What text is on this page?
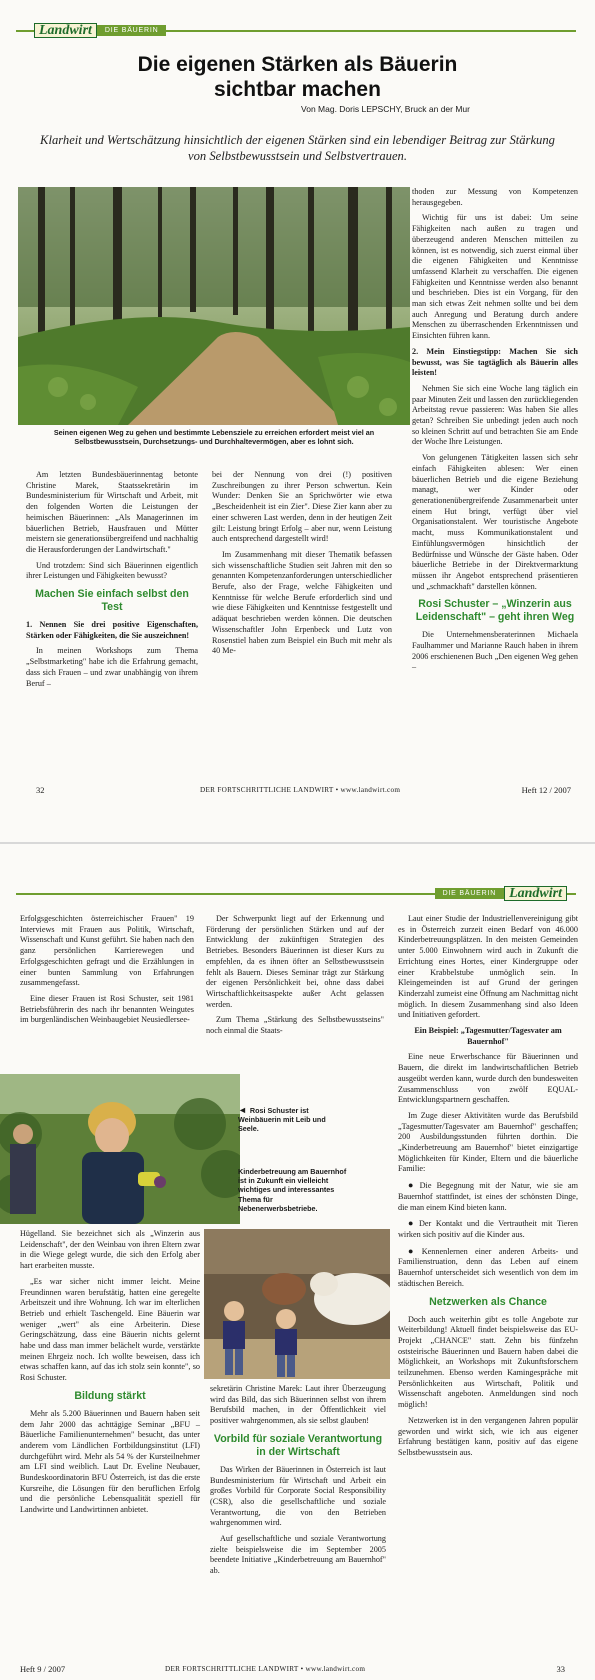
Landwirt	DIE BÄUERIN
Die eigenen Stärken als Bäuerin
sichtbar machen
Von Mag. Doris LEPSCHY, Bruck an der Mur
Klarheit und Wertschätzung hinsichtlich der eigenen Stärken sind ein lebendiger Beitrag zur Stärkung von Selbstbewusstsein und Selbstvertrauen.
Seinen eigenen Weg zu gehen und bestimmte Lebensziele zu erreichen erfordert meist viel an Selbstbewusstsein, Durchsetzungs- und Durchhaltevermögen, aber es lohnt sich.

Am letzten Bundesbäuerinnentag betonte Christine Marek, Staatssekretärin im Bundesministerium für Wirtschaft und Arbeit, mit den folgenden Worten die Leistungen der heimischen Bäuerinnen: „Als Managerinnen im bäuerlichen Betrieb, Hausfrauen und Mütter meistern sie generationsübergreifend und nachhaltig die Herausforderungen der Landwirtschaft."

Und trotzdem: Sind sich Bäuerinnen eigentlich ihrer Leistungen und Fähigkeiten bewusst?

Machen Sie einfach selbst den Test

1. Nennen Sie drei positive Eigenschaften, Stärken oder Fähigkeiten, die Sie auszeichnen!

In meinen Workshops zum Thema „Selbstmarketing" habe ich die Erfahrung gemacht, dass sich Frauen – und zwar unabhängig von ihrem Beruf –

bei der Nennung von drei (!) positiven Zuschreibungen zu ihrer Person schwertun. Kein Wunder: Denken Sie an Sprichwörter wie etwa „Bescheidenheit ist ein Zier". Diese Zier kann aber zu einer schweren Last werden, denn in der heutigen Zeit gilt: Leistung bringt Erfolg – aber nur, wenn Leistung auch entsprechend dargestellt wird!

Im Zusammenhang mit dieser Thematik befassen sich wissenschaftliche Studien seit Jahren mit den so genannten Kompetenzanforderungen unterschiedlicher Berufe, also der Frage, welche Fähigkeiten und Kenntnisse für welche Berufe erforderlich sind und wie diese Fähigkeiten und Kenntnisse festgestellt und adäquat beschrieben werden können. Die deutschen Wissenschaftler John Erpenbeck und Lutz von Rosenstiel haben zum Beispiel ein Buch mit mehr als 40 Me-

thoden zur Messung von Kompetenzen herausgegeben.

Wichtig für uns ist dabei: Um seine Fähigkeiten nach außen zu tragen und überzeugend anderen Menschen mitteilen zu können, ist es notwendig, sich zuerst einmal über die eigenen Fähigkeiten und Kenntnisse umfassend Klarheit zu verschaffen. Die eigenen Fähigkeiten und Kenntnisse werden also benannt und beschrieben. Dies ist ein Vorgang, für den man sich etwas Zeit nehmen sollte und bei dem auch Anregung und Beratung durch andere Menschen zu überraschenden Erkenntnissen und Einsichten führen kann.

2. Mein Einstiegstipp: Machen Sie sich bewusst, was Sie tagtäglich als Bäuerin alles leisten!

Nehmen Sie sich eine Woche lang täglich ein paar Minuten Zeit und lassen den zurückliegenden Arbeitstag revue passieren: Was haben Sie alles getan? Schreiben Sie unbedingt jeden auch noch so kleinen Schritt auf und betrachten Sie am Ende der Woche Ihre Leistungen.

Von gelungenen Tätigkeiten lassen sich sehr einfach Fähigkeiten ablesen: Wer einen bäuerlichen Betrieb und die eigene Beziehung managt, wer Kinder oder generationenübergreifende Zusammenarbeit unter einem Hut bringt, verfügt über viel Organisationstalent. Wer touristische Angebote macht, muss Kommunikationstalent und Einfühlungsvermögen hinsichtlich der Bedürfnisse und Wünsche der Gäste haben. Oder bäuerliche Betriebe in der Direktvermarktung müssen ihr Angebot entsprechend präsentieren und „schmackhaft" darstellen können.

Rosi Schuster – „Winzerin aus Leidenschaft" – geht ihren Weg

Die Unternehmensberaterinnen Michaela Faulhammer und Marianne Rauch haben in ihrem 2006 erschienenen Buch „Den eigenen Weg gehen –

32	DER FORTSCHRITTLICHE LANDWIRT • www.landwirt.com	Heft 12 / 2007
DIE BÄUERIN Landwirt

Erfolgsgeschichten österreichischer Frauen" 19 Interviews mit Frauen aus Politik, Wirtschaft, Wissenschaft und Kunst geführt. Sie haben nach den ganz persönlichen Karrierewegen und Erfolgsgeschichten gefragt und die Erzählungen in einer bunten Sammlung von Erfahrungen zusammengefasst.

Eine dieser Frauen ist Rosi Schuster, seit 1981 Betriebsführerin des nach ihr benannten Weingutes im burgenländischen Weinbaugebiet Neusiedlersee-

Der Schwerpunkt liegt auf der Erkennung und Förderung der persönlichen Stärken und auf der Entwicklung der zukünftigen Strategien des Betriebes. Besonders Bäuerinnen ist dieser Kurs zu empfehlen, da es ihnen öfter an Selbstbewusstsein fehlt als Bauern. Dieses Seminar trägt zur Stärkung der eigenen Persönlichkeit bei, ohne dass dabei Wirtschaftlichkeitsaspekte außer Acht gelassen werden.

Zum Thema „Stärkung des Selbstbewusstseins" noch einmal die Staats-

◄ Rosi Schuster ist Weinbäuerin mit Leib und Seele.
Kinderbetreuung am Bauernhof ist in Zukunft ein vielleicht wichtiges und interessantes Thema für Nebenerwerbsbetriebe.

Hügelland. Sie bezeichnet sich als „Winzerin aus Leidenschaft", der den Weinbau von ihren Eltern zwar in die Wiege gelegt wurde, die sich den Erfolg aber hart erarbeiten musste.

„Es war sicher nicht immer leicht. Meine Freundinnen waren berufstätig, hatten eine geregelte Arbeitszeit und ihre Wohnung. Ich war im elterlichen Betrieb und erhielt Taschengeld. Eine Bäuerin war weniger „wert" als eine Arbeiterin. Diese Geringschätzung, dass eine Bäuerin nichts gelernt habe und dass man immer belächelt wurde, verstärkte meinen Ehrgeiz noch. Ich wollte beweisen, dass ich etwas schaffen kann, auf das ich stolz sein konnte", so Rosi Schuster.

Bildung stärkt

Mehr als 5.200 Bäuerinnen und Bauern haben seit dem Jahr 2000 das achttägige Seminar „BFU – Bäuerliche Familienunternehmen" besucht, das unter anderem vom Ländlichen Fortbildungsinstitut (LFI) durchgeführt wird. Mehr als 54 % der Kursteilnehmer am LFI sind weiblich. Laut Dr. Eveline Neubauer, Bundeskoordinatorin BFU Österreich, ist das die erste Kursreihe, die Lösungen für den beruflichen Erfolg und die persönliche Lebensqualität speziell für Landwirte und Landwirtinnen anbietet.

sekretärin Christine Marek: Laut ihrer Überzeugung wird das Bild, das sich Bäuerinnen selbst von ihrem Berufsbild machen, in der Öffentlichkeit viel positiver wahrgenommen, als sie selbst glauben!

Vorbild für soziale Verantwortung in der Wirtschaft

Das Wirken der Bäuerinnen in Österreich ist laut Bundesministerium für Wirtschaft und Arbeit ein großes Vorbild für Corporate Social Responsibility (CSR), also die gesellschaftliche und soziale Verantwortung, die von den Betrieben wahrgenommen wird.

Auf gesellschaftliche und soziale Verantwortung zielte beispielsweise die im September 2005 beendete Initiative „Kinderbetreuung am Bauernhof" ab.

Laut einer Studie der Industriellenvereinigung gibt es in Österreich zurzeit einen Bedarf von 46.000 Kinderbetreuungsplätzen. In den meisten Gemeinden unter 5.000 Einwohnern wird auch in Zukunft die Errichtung eines Hortes, einer Kindergruppe oder einer Krabbelstube unmöglich sein. In Kleingemeinden ist auf Grund der geringen Kinderzahl zumeist eine Öffnung am Nachmittag nicht möglich. In diesem Zusammenhang sind also Ideen und Initiativen gefordert.

Ein Beispiel: „Tagesmutter/Tagesvater am Bauernhof"

Eine neue Erwerbschance für Bäuerinnen und Bauern, die direkt im landwirtschaftlichen Betrieb ausgeübt werden kann, wurde durch den bundesweiten Zusammenschluss von zwölf EQUAL-Entwicklungspartnern geschaffen.

Im Zuge dieser Aktivitäten wurde das Berufsbild „Tagesmutter/Tagesvater am Bauernhof" geschaffen; 200 Ausbildungsstunden führten dorthin. Die „Kinderbetreuung am Bauernhof" bietet einzigartige Möglichkeiten für Kinder, Eltern und die bäuerliche Familie:

● Die Begegnung mit der Natur, wie sie am Bauernhof stattfindet, ist eines der schönsten Dinge, die man einem Kind bieten kann.

● Der Kontakt und die Vertrautheit mit Tieren wirken sich positiv auf die Kinder aus.

● Kennenlernen einer anderen Arbeits- und Familienstruation, denn das Leben auf einem Bauernhof unterscheidet sich wesentlich von dem im städtischen Bereich.

Netzwerken als Chance

Doch auch weiterhin gibt es tolle Angebote zur Weiterbildung! Aktuell findet beispielsweise das EU-Projekt „CHANCE" statt. Zehn bis fünfzehn oststeirische Bäuerinnen und Bauern haben dabei die Möglichkeit, an Workshops mit Zukunftsforschern teilzunehmen. Ebenso werden Kamingespräche mit Persönlichkeiten aus Wirtschaft, Politik und Wissenschaft angeboten. Anmeldungen sind noch möglich!

Netzwerken ist in den vergangenen Jahren populär geworden und wirkt sich, wie ich aus eigener Erfahrung bestätigen kann, positiv auf das eigene Selbstbewusstsein aus.

Heft 9 / 2007	DER FORTSCHRITTLICHE LANDWIRT • www.landwirt.com	33
